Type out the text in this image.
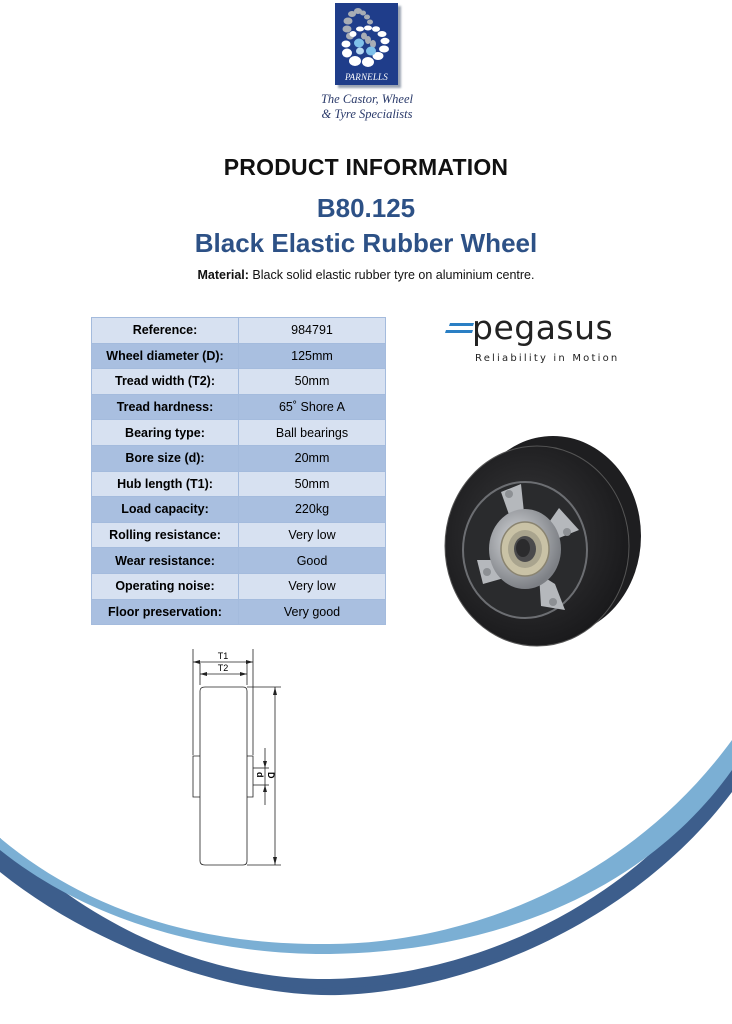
PARNELLS
The Castor, Wheel
& Tyre Specialists
PRODUCT INFORMATION
B80.125
Black Elastic Rubber Wheel
Material: Black solid elastic rubber tyre on aluminium centre.
Reference:	984791
Wheel diameter (D):	125mm
Tread width (T2):	50mm
Tread hardness:	65˚ Shore A
Bearing type:	Ball bearings
Bore size (d):	20mm
Hub length (T1):	50mm
Load capacity:	220kg
Rolling resistance:	Very low
Wear resistance:	Good
Operating noise:	Very low
Floor preservation:	Very good
pegasus
Reliability in Motion
T1
T2
d D
